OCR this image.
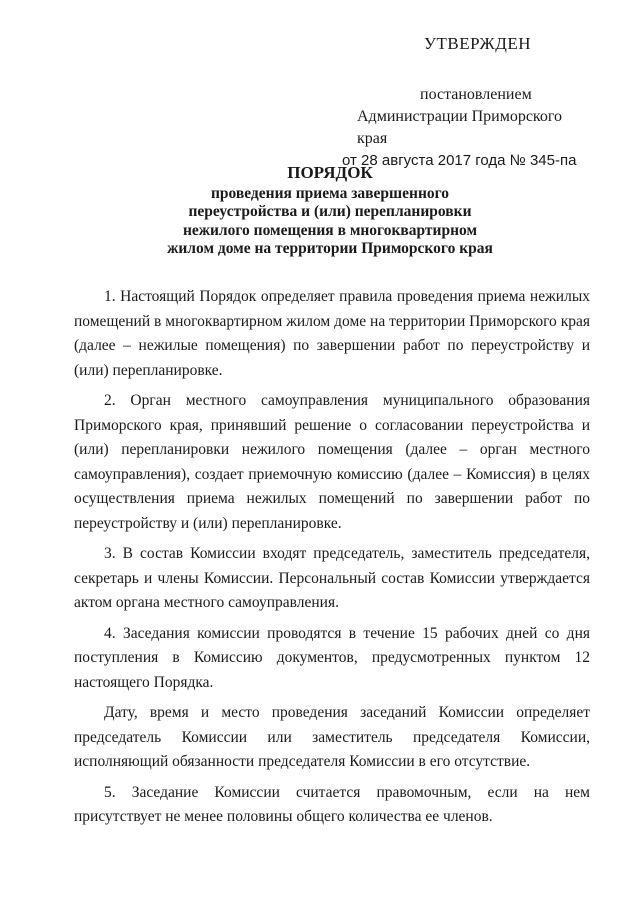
УТВЕРЖДЕН
постановлением
Администрации Приморского края
от 28 августа 2017 года № 345-па
ПОРЯДОК
проведения приема завершенного
переустройства и (или) перепланировки
нежилого помещения в многоквартирном
жилом доме на территории Приморского края

1. Настоящий Порядок определяет правила проведения приема нежилых помещений в многоквартирном жилом доме на территории Приморского края (далее – нежилые помещения) по завершении работ по переустройству и (или) перепланировке.

2. Орган местного самоуправления муниципального образования Приморского края, принявший решение о согласовании переустройства и (или) перепланировки нежилого помещения (далее – орган местного самоуправления), создает приемочную комиссию (далее – Комиссия) в целях осуществления приема нежилых помещений по завершении работ по переустройству и (или) перепланировке.

3. В состав Комиссии входят председатель, заместитель председателя, секретарь и члены Комиссии. Персональный состав Комиссии утверждается актом органа местного самоуправления.

4. Заседания комиссии проводятся в течение 15 рабочих дней со дня поступления в Комиссию документов, предусмотренных пунктом 12 настоящего Порядка.

Дату, время и место проведения заседаний Комиссии определяет председатель Комиссии или заместитель председателя Комиссии, исполняющий обязанности председателя Комиссии в его отсутствие.

5. Заседание Комиссии считается правомочным, если на нем присутствует не менее половины общего количества ее членов.
